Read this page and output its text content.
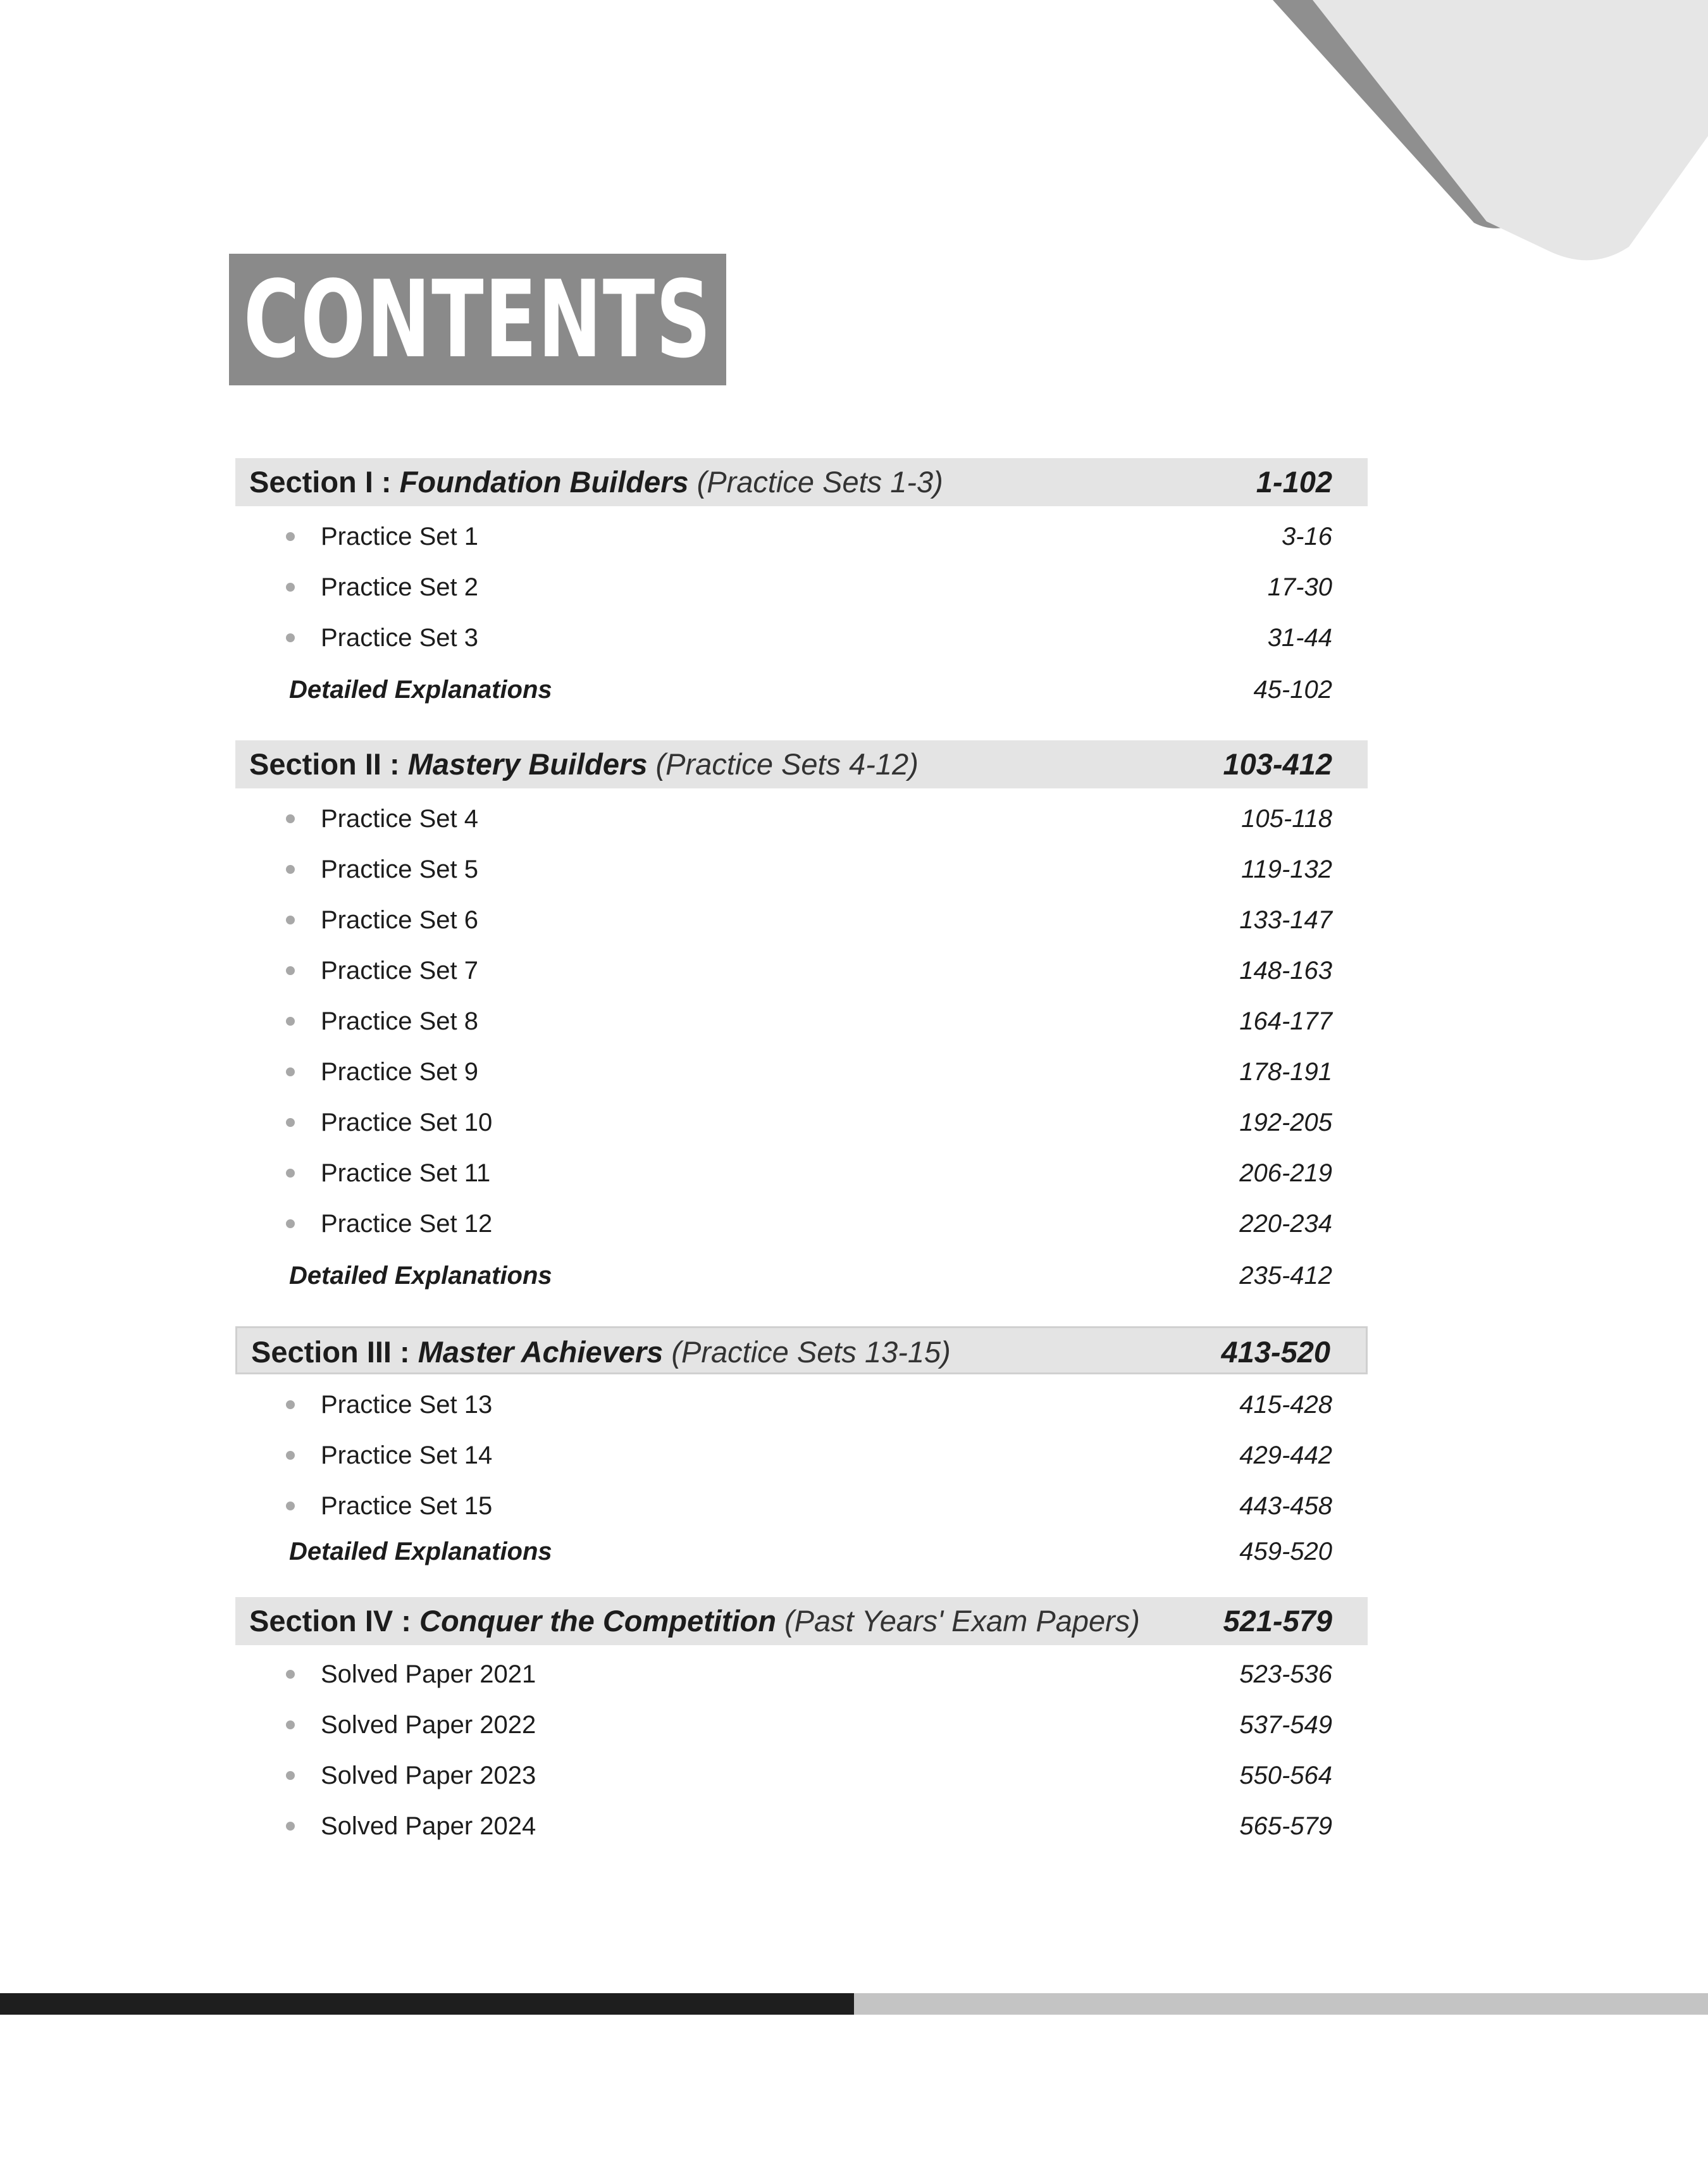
CONTENTS
Section I : Foundation Builders (Practice Sets 1-3)	1-102
Practice Set 1	3-16
Practice Set 2	17-30
Practice Set 3	31-44
Detailed Explanations	45-102
Section II : Mastery Builders (Practice Sets 4-12)	103-412
Practice Set 4	105-118
Practice Set 5	119-132
Practice Set 6	133-147
Practice Set 7	148-163
Practice Set 8	164-177
Practice Set 9	178-191
Practice Set 10	192-205
Practice Set 11	206-219
Practice Set 12	220-234
Detailed Explanations	235-412
Section III : Master Achievers (Practice Sets 13-15)	413-520
Practice Set 13	415-428
Practice Set 14	429-442
Practice Set 15	443-458
Detailed Explanations	459-520
Section IV : Conquer the Competition (Past Years' Exam Papers)	521-579
Solved Paper 2021	523-536
Solved Paper 2022	537-549
Solved Paper 2023	550-564
Solved Paper 2024	565-579
